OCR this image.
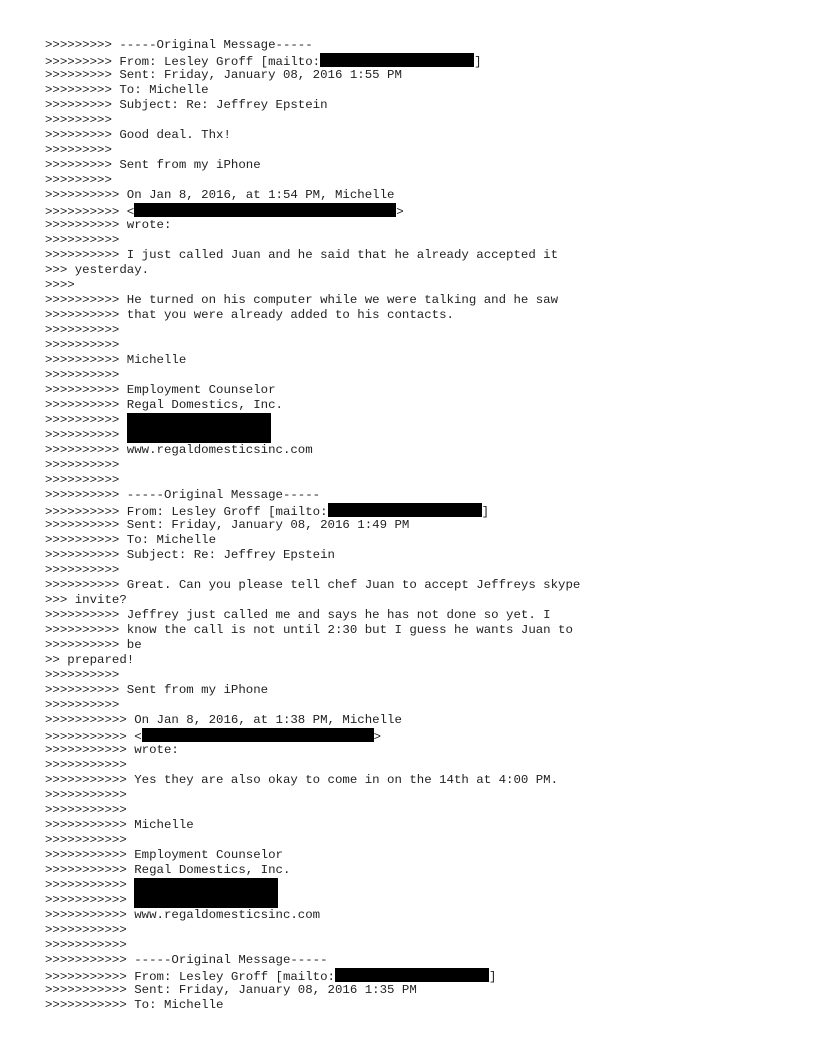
>>>>>>>>> -----Original Message-----
>>>>>>>>> From: Lesley Groff [mailto:	]
>>>>>>>>> Sent: Friday, January 08, 2016 1:55 PM
>>>>>>>>> To: Michelle
>>>>>>>>> Subject: Re: Jeffrey Epstein
>>>>>>>>>
>>>>>>>>> Good deal. Thx!
>>>>>>>>>
>>>>>>>>> Sent from my iPhone
>>>>>>>>>
>>>>>>>>>> On Jan 8, 2016, at 1:54 PM, Michelle
>>>>>>>>>> <	>
>>>>>>>>>> wrote:
>>>>>>>>>>
>>>>>>>>>> I just called Juan and he said that he already accepted it
>>> yesterday.
>>>>
>>>>>>>>>> He turned on his computer while we were talking and he saw
>>>>>>>>>> that you were already added to his contacts.
>>>>>>>>>>
>>>>>>>>>>
>>>>>>>>>> Michelle
>>>>>>>>>>
>>>>>>>>>> Employment Counselor
>>>>>>>>>> Regal Domestics, Inc.
>>>>>>>>>>
>>>>>>>>>>
>>>>>>>>>> www.regaldomesticsinc.com
>>>>>>>>>>
>>>>>>>>>>
>>>>>>>>>> -----Original Message-----
>>>>>>>>>> From: Lesley Groff [mailto:	]
>>>>>>>>>> Sent: Friday, January 08, 2016 1:49 PM
>>>>>>>>>> To: Michelle
>>>>>>>>>> Subject: Re: Jeffrey Epstein
>>>>>>>>>>
>>>>>>>>>> Great. Can you please tell chef Juan to accept Jeffreys skype
>>> invite?
>>>>>>>>>> Jeffrey just called me and says he has not done so yet. I
>>>>>>>>>> know the call is not until 2:30 but I guess he wants Juan to
>>>>>>>>>> be
>> prepared!
>>>>>>>>>>
>>>>>>>>>> Sent from my iPhone
>>>>>>>>>>
>>>>>>>>>>> On Jan 8, 2016, at 1:38 PM, Michelle
>>>>>>>>>>> <	>
>>>>>>>>>>> wrote:
>>>>>>>>>>>
>>>>>>>>>>> Yes they are also okay to come in on the 14th at 4:00 PM.
>>>>>>>>>>>
>>>>>>>>>>>
>>>>>>>>>>> Michelle
>>>>>>>>>>>
>>>>>>>>>>> Employment Counselor
>>>>>>>>>>> Regal Domestics, Inc.
>>>>>>>>>>>
>>>>>>>>>>>
>>>>>>>>>>> www.regaldomesticsinc.com
>>>>>>>>>>>
>>>>>>>>>>>
>>>>>>>>>>> -----Original Message-----
>>>>>>>>>>> From: Lesley Groff [mailto:	]
>>>>>>>>>>> Sent: Friday, January 08, 2016 1:35 PM
>>>>>>>>>>> To: Michelle
